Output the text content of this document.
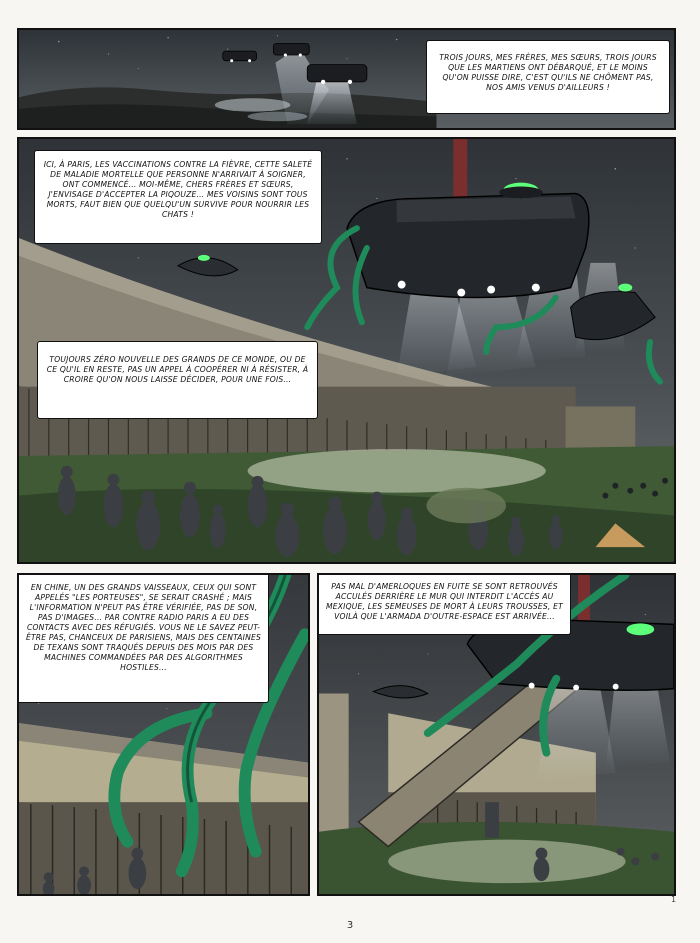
TROIS JOURS, MES FRÈRES, MES SŒURS, TROIS JOURS QUE LES MARTIENS ONT DÉBARQUÉ, ET LE MOINS QU'ON PUISSE DIRE, C'EST QU'ILS NE CHÔMENT PAS, NOS AMIS VENUS D'AILLEURS !
ICI, À PARIS, LES VACCINATIONS CONTRE LA FIÈVRE, CETTE SALETÉ DE MALADIE MORTELLE QUE PERSONNE N'ARRIVAIT À SOIGNER, ONT COMMENCÉ... MOI-MÊME, CHERS FRÈRES ET SŒURS, J'ENVISAGE D'ACCEPTER LA PIQOUZE... MES VOISINS SONT TOUS MORTS, FAUT BIEN QUE QUELQU'UN SURVIVE POUR NOURRIR LES CHATS !
TOUJOURS ZÉRO NOUVELLE DES GRANDS DE CE MONDE, OU DE CE QU'IL EN RESTE, PAS UN APPEL À COOPÉRER NI À RÉSISTER, À CROIRE QU'ON NOUS LAISSE DÉCIDER, POUR UNE FOIS...
EN CHINE, UN DES GRANDS VAISSEAUX, CEUX QUI SONT APPELÉS "LES PORTEUSES", SE SERAIT CRASHÉ ; MAIS L'INFORMATION N'PEUT PAS ÊTRE VÉRIFIÉE, PAS DE SON, PAS D'IMAGES... PAR CONTRE RADIO PARIS A EU DES CONTACTS AVEC DES RÉFUGIÉS. VOUS NE LE SAVEZ PEUT-ÊTRE PAS, CHANCEUX DE PARISIENS, MAIS DES CENTAINES DE TEXANS SONT TRAQUÉS DEPUIS DES MOIS PAR DES MACHINES COMMANDÉES PAR DES ALGORITHMES HOSTILES...
PAS MAL D'AMERLOQUES EN FUITE SE SONT RETROUVÉS ACCULÉS DERRIÈRE LE MUR QUI INTERDIT L'ACCÈS AU MEXIQUE, LES SEMEUSES DE MORT À LEURS TROUSSES, ET VOILÀ QUE L'ARMADA D'OUTRE-ESPACE EST ARRIVÉE...
1
3
